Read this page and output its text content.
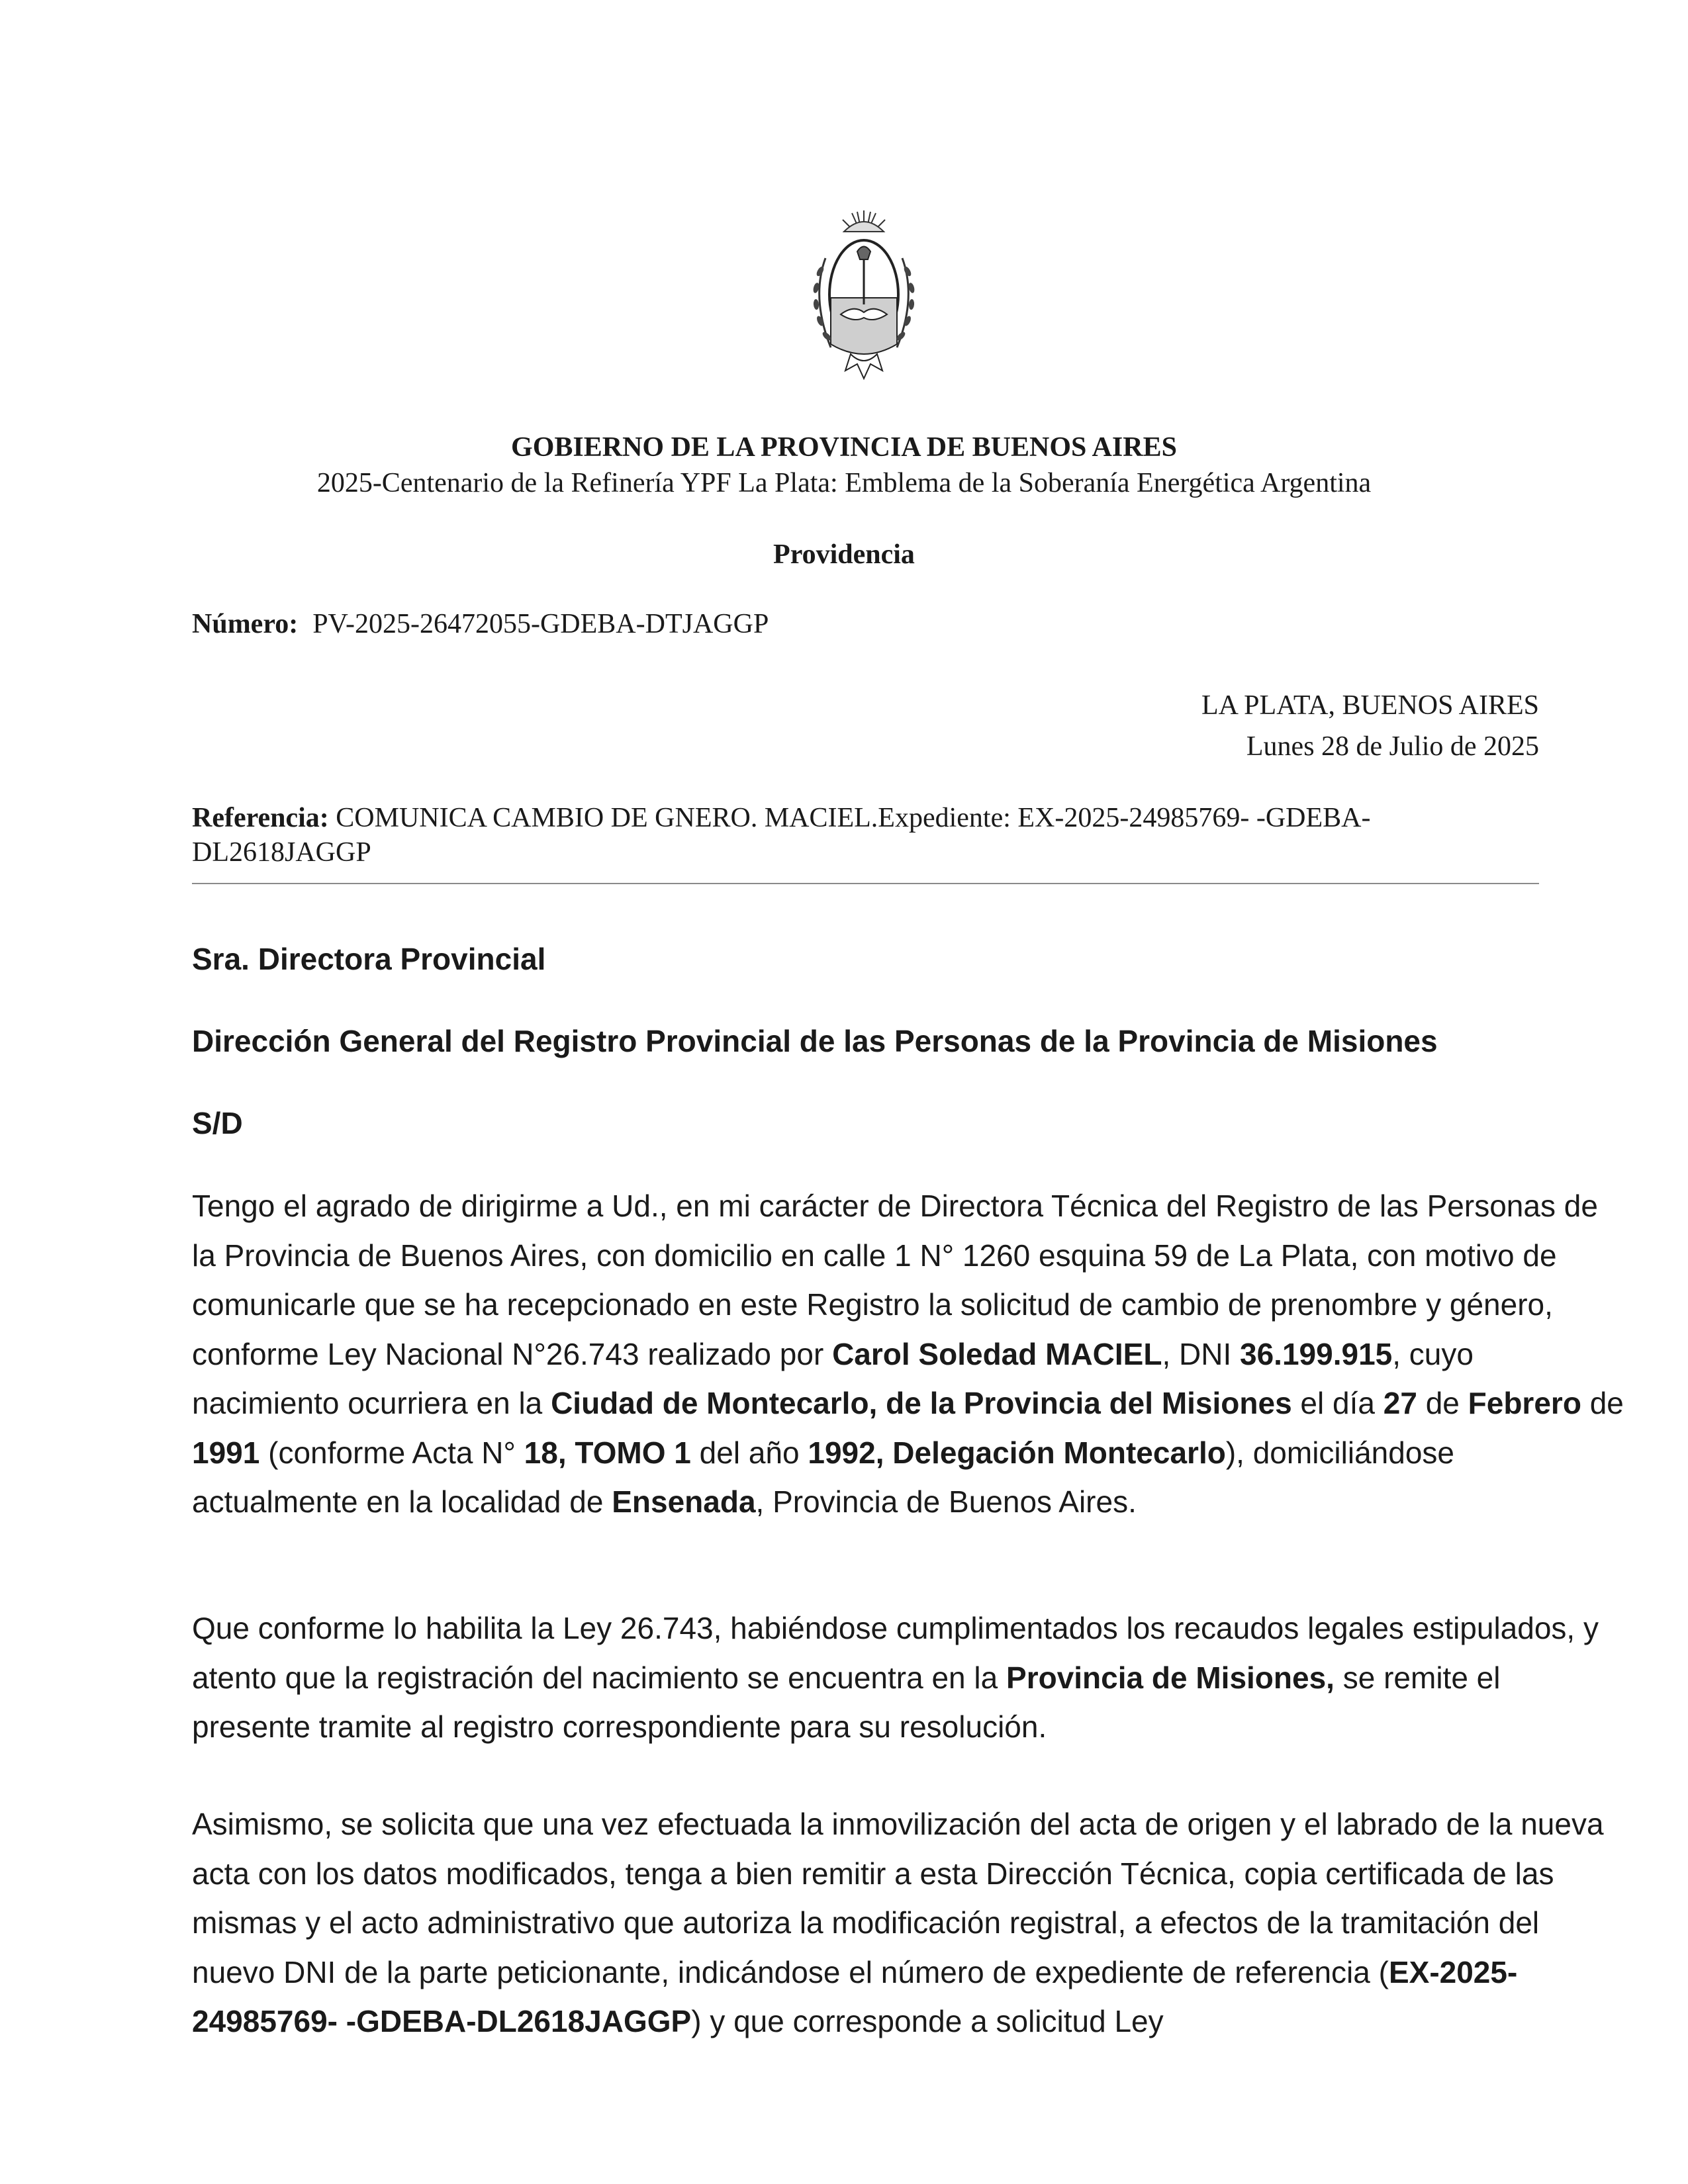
GOBIERNO DE LA PROVINCIA DE BUENOS AIRES
2025-Centenario de la Refinería YPF La Plata: Emblema de la Soberanía Energética Argentina
Providencia
Número: PV-2025-26472055-GDEBA-DTJAGGP
LA PLATA, BUENOS AIRES
Lunes 28 de Julio de 2025
Referencia: COMUNICA CAMBIO DE GNERO. MACIEL.Expediente: EX-2025-24985769- -GDEBA-DL2618JAGGP
Sra. Directora Provincial
Dirección General del Registro Provincial de las Personas de la Provincia de Misiones
S/D
Tengo el agrado de dirigirme a Ud., en mi carácter de Directora Técnica del Registro de las Personas de la Provincia de Buenos Aires, con domicilio en calle 1 N° 1260 esquina 59 de La Plata, con motivo de comunicarle que se ha recepcionado en este Registro la solicitud de cambio de prenombre y género, conforme Ley Nacional N°26.743 realizado por Carol Soledad MACIEL, DNI 36.199.915, cuyo nacimiento ocurriera en la Ciudad de Montecarlo, de la Provincia del Misiones el día 27 de Febrero de 1991 (conforme Acta N° 18, TOMO 1 del año 1992, Delegación Montecarlo), domiciliándose actualmente en la localidad de Ensenada, Provincia de Buenos Aires.
Que conforme lo habilita la Ley 26.743, habiéndose cumplimentados los recaudos legales estipulados, y atento que la registración del nacimiento se encuentra en la Provincia de Misiones, se remite el presente tramite al registro correspondiente para su resolución.
Asimismo, se solicita que una vez efectuada la inmovilización del acta de origen y el labrado de la nueva acta con los datos modificados, tenga a bien remitir a esta Dirección Técnica, copia certificada de las mismas y el acto administrativo que autoriza la modificación registral, a efectos de la tramitación del nuevo DNI de la parte peticionante, indicándose el número de expediente de referencia (EX-2025-24985769- -GDEBA-DL2618JAGGP) y que corresponde a solicitud Ley
